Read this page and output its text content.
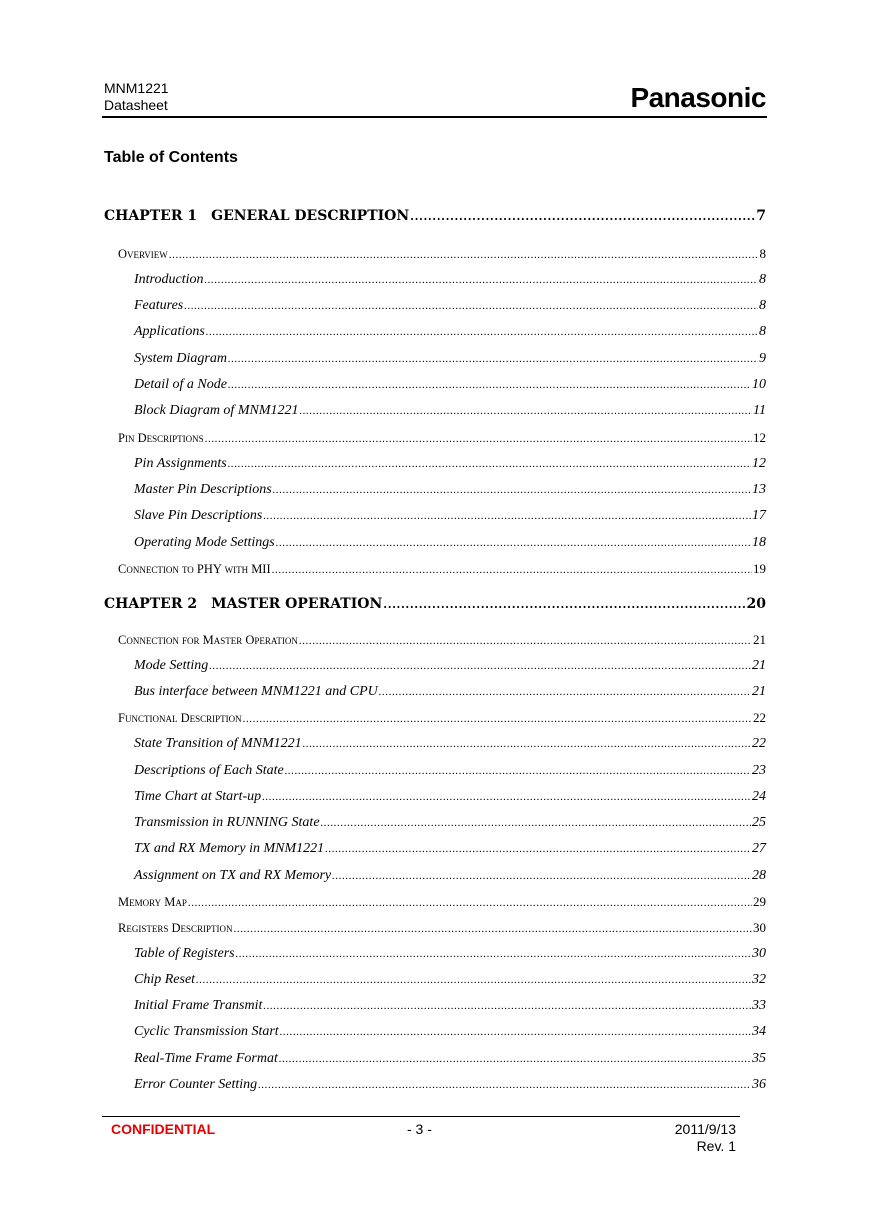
MNM1221
Datasheet	Panasonic
Table of Contents
CHAPTER 1 GENERAL DESCRIPTION .....	7
Overview .....	8
Introduction .....	8
Features .....	8
Applications .....	8
System Diagram .....	9
Detail of a Node .....	10
Block Diagram of MNM1221 .....	11
Pin Descriptions .....	12
Pin Assignments .....	12
Master Pin Descriptions .....	13
Slave Pin Descriptions .....	17
Operating Mode Settings .....	18
Connection to PHY with MII .....	19
CHAPTER 2 MASTER OPERATION .....	20
Connection for Master Operation .....	21
Mode Setting .....	21
Bus interface between MNM1221 and CPU .....	21
Functional Description .....	22
State Transition of MNM1221 .....	22
Descriptions of Each State .....	23
Time Chart at Start-up .....	24
Transmission in RUNNING State .....	25
TX and RX Memory in MNM1221 .....	27
Assignment on TX and RX Memory .....	28
Memory Map .....	29
Registers Description .....	30
Table of Registers .....	30
Chip Reset .....	32
Initial Frame Transmit .....	33
Cyclic Transmission Start .....	34
Real-Time Frame Format .....	35
Error Counter Setting .....	36
CONFIDENTIAL	- 3 -	2011/9/13
Rev. 1
